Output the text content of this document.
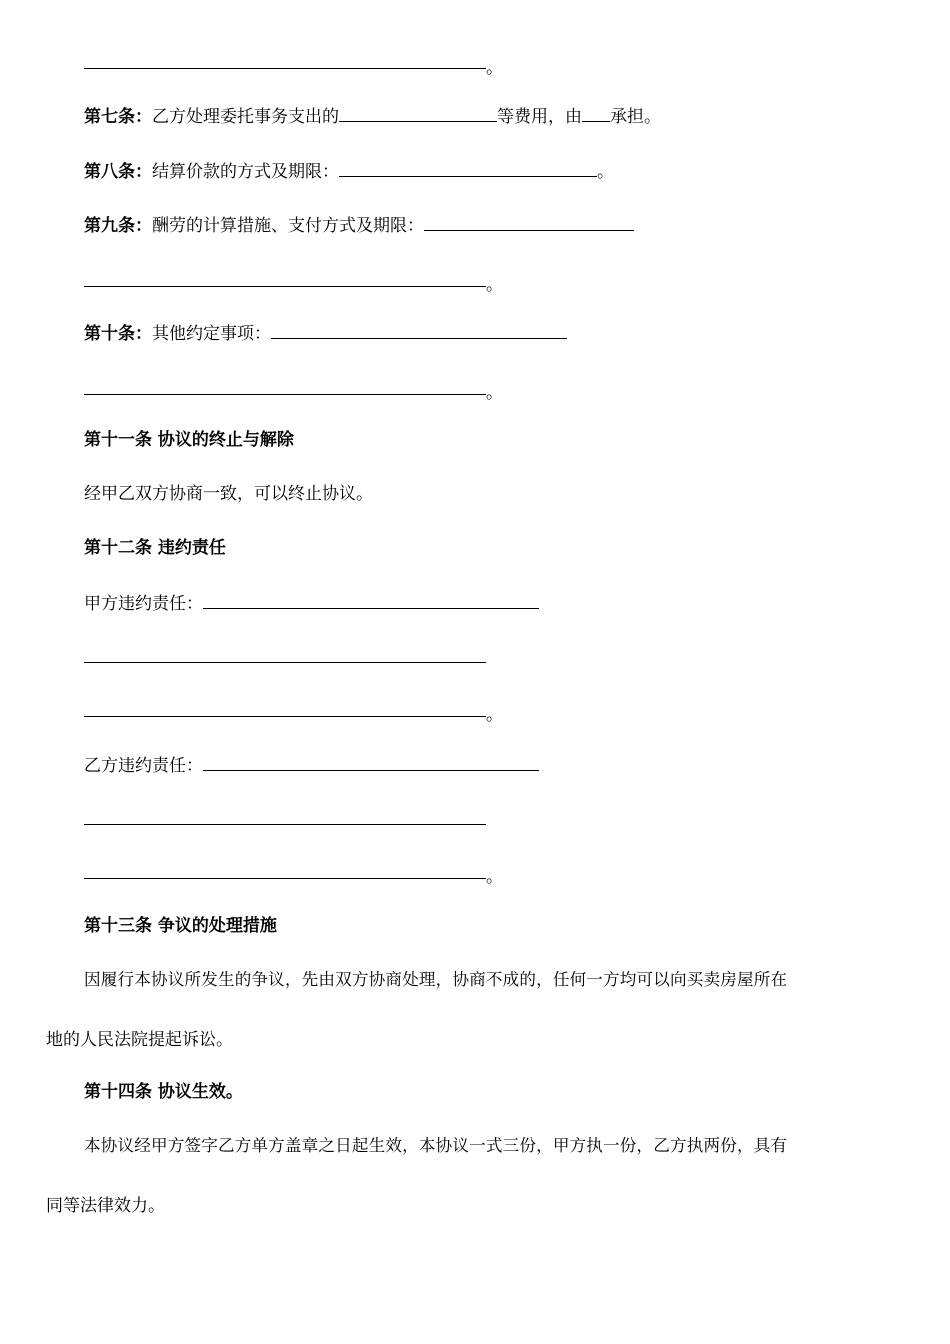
。
第七条：乙方处理委托事务支出的	等费用，由 承担。
第八条：结算价款的方式及期限：	。
第九条：酬劳的计算措施、支付方式及期限：
。
第十条：其他约定事项：
。
第十一条 协议的终止与解除
经甲乙双方协商一致，可以终止协议。
第十二条 违约责任
甲方违约责任：
。
乙方违约责任：
。
第十三条 争议的处理措施
因履行本协议所发生的争议，先由双方协商处理，协商不成的，任何一方均可以向买卖房屋所在
地的人民法院提起诉讼。
第十四条 协议生效。
本协议经甲方签字乙方单方盖章之日起生效，本协议一式三份，甲方执一份，乙方执两份，具有
同等法律效力。
